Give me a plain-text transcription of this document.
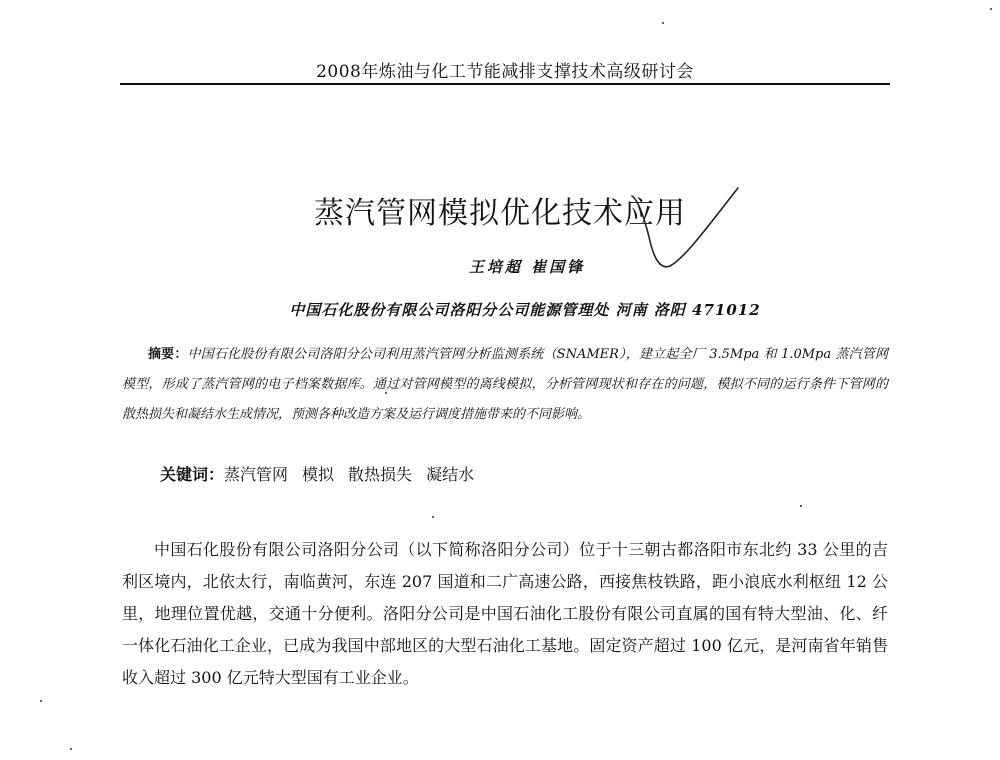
2008年炼油与化工节能减排支撑技术高级研讨会
蒸汽管网模拟优化技术应用
王培超 崔国锋
中国石化股份有限公司洛阳分公司能源管理处 河南 洛阳 471012
摘要：中国石化股份有限公司洛阳分公司利用蒸汽管网分析监测系统（SNAMER），建立起全厂 3.5Mpa 和 1.0Mpa 蒸汽管网模型，形成了蒸汽管网的电子档案数据库。通过对管网模型的离线模拟，分析管网现状和存在的问题，模拟不同的运行条件下管网的散热损失和凝结水生成情况，预测各种改造方案及运行调度措施带来的不同影响。
关键词：蒸汽管网 模拟 散热损失 凝结水
中国石化股份有限公司洛阳分公司（以下简称洛阳分公司）位于十三朝古都洛阳市东北约 33 公里的吉利区境内，北依太行，南临黄河，东连 207 国道和二广高速公路，西接焦枝铁路，距小浪底水利枢纽 12 公里，地理位置优越，交通十分便利。洛阳分公司是中国石油化工股份有限公司直属的国有特大型油、化、纤一体化石油化工企业，已成为我国中部地区的大型石油化工基地。固定资产超过 100 亿元，是河南省年销售收入超过 300 亿元特大型国有工业企业。
